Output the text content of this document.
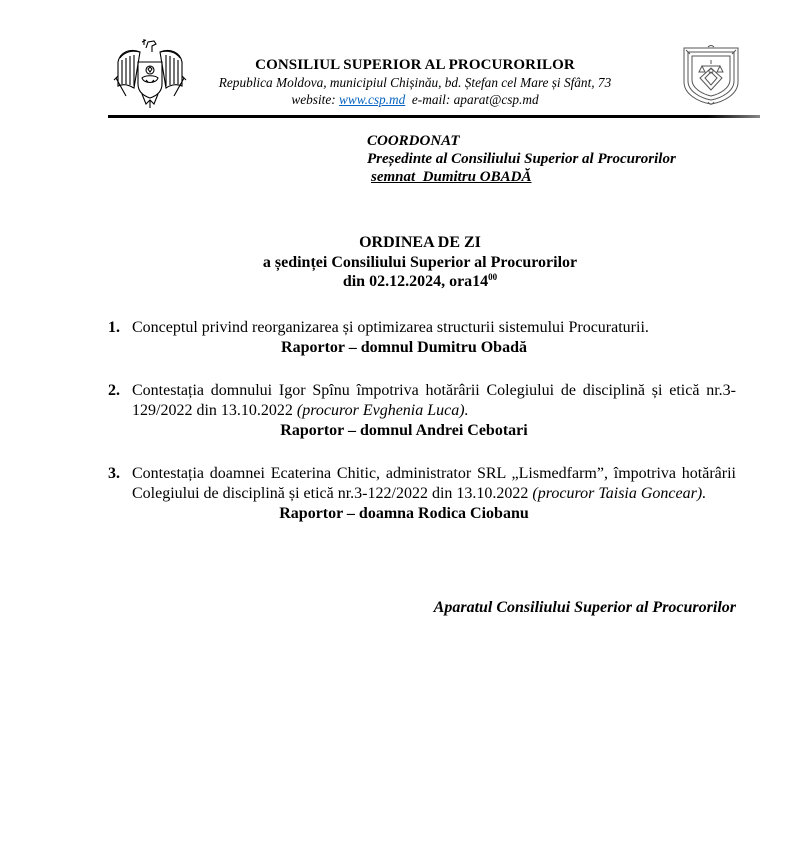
CONSILIUL SUPERIOR AL PROCURORILOR
Republica Moldova, municipiul Chișinău, bd. Ștefan cel Mare și Sfânt, 73
website: www.csp.md e-mail: aparat@csp.md
COORDONAT
Președinte al Consiliului Superior al Procurorilor
semnat  Dumitru OBADĂ
ORDINEA DE ZI
a ședinței Consiliului Superior al Procurorilor
din 02.12.2024, $ora14^{00}$
1. Conceptul privind reorganizarea și optimizarea structurii sistemului Procuraturii.
Raportor – domnul Dumitru Obadă
2. Contestația domnului Igor Spînu împotriva hotărârii Colegiului de disciplină și etică nr.3-129/2022 din 13.10.2022 (procuror Evghenia Luca).
Raportor – domnul Andrei Cebotari
3. Contestația doamnei Ecaterina Chitic, administrator SRL „Lismedfarm”, împotriva hotărârii Colegiului de disciplină și etică nr.3-122/2022 din 13.10.2022 (procuror Taisia Goncear).
Raportor – doamna Rodica Ciobanu
Aparatul Consiliului Superior al Procurorilor
